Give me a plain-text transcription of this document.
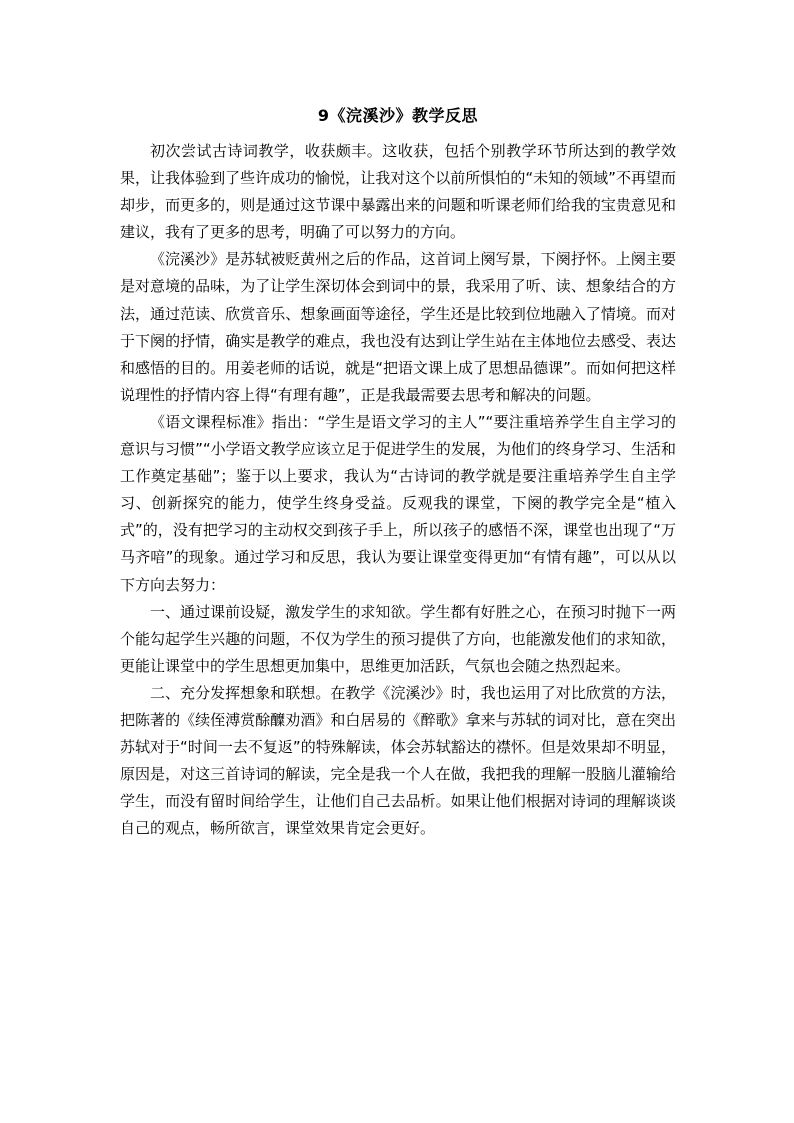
9《浣溪沙》教学反思

初次尝试古诗词教学，收获颇丰。这收获，包括个别教学环节所达到的教学效果，让我体验到了些许成功的愉悦，让我对这个以前所惧怕的“未知的领域”不再望而却步，而更多的，则是通过这节课中暴露出来的问题和听课老师们给我的宝贵意见和建议，我有了更多的思考，明确了可以努力的方向。

《浣溪沙》是苏轼被贬黄州之后的作品，这首词上阕写景，下阕抒怀。上阕主要是对意境的品味，为了让学生深切体会到词中的景，我采用了听、读、想象结合的方法，通过范读、欣赏音乐、想象画面等途径，学生还是比较到位地融入了情境。而对于下阕的抒情，确实是教学的难点，我也没有达到让学生站在主体地位去感受、表达和感悟的目的。用姜老师的话说，就是“把语文课上成了思想品德课”。而如何把这样说理性的抒情内容上得“有理有趣”，正是我最需要去思考和解决的问题。

《语文课程标准》指出：“学生是语文学习的主人”“要注重培养学生自主学习的意识与习惯”“小学语文教学应该立足于促进学生的发展，为他们的终身学习、生活和工作奠定基础”；鉴于以上要求，我认为“古诗词的教学就是要注重培养学生自主学习、创新探究的能力，使学生终身受益。反观我的课堂，下阕的教学完全是“植入式”的，没有把学习的主动权交到孩子手上，所以孩子的感悟不深，课堂也出现了“万马齐喑”的现象。通过学习和反思，我认为要让课堂变得更加“有情有趣”，可以从以下方向去努力：

一、通过课前设疑，激发学生的求知欲。学生都有好胜之心，在预习时抛下一两个能勾起学生兴趣的问题，不仅为学生的预习提供了方向，也能激发他们的求知欲，更能让课堂中的学生思想更加集中，思维更加活跃，气氛也会随之热烈起来。

二、充分发挥想象和联想。在教学《浣溪沙》时，我也运用了对比欣赏的方法，把陈著的《续侄溥赏酴醾劝酒》和白居易的《醉歌》拿来与苏轼的词对比，意在突出苏轼对于“时间一去不复返”的特殊解读，体会苏轼豁达的襟怀。但是效果却不明显，原因是，对这三首诗词的解读，完全是我一个人在做，我把我的理解一股脑儿灌输给学生，而没有留时间给学生，让他们自己去品析。如果让他们根据对诗词的理解谈谈自己的观点，畅所欲言，课堂效果肯定会更好。
